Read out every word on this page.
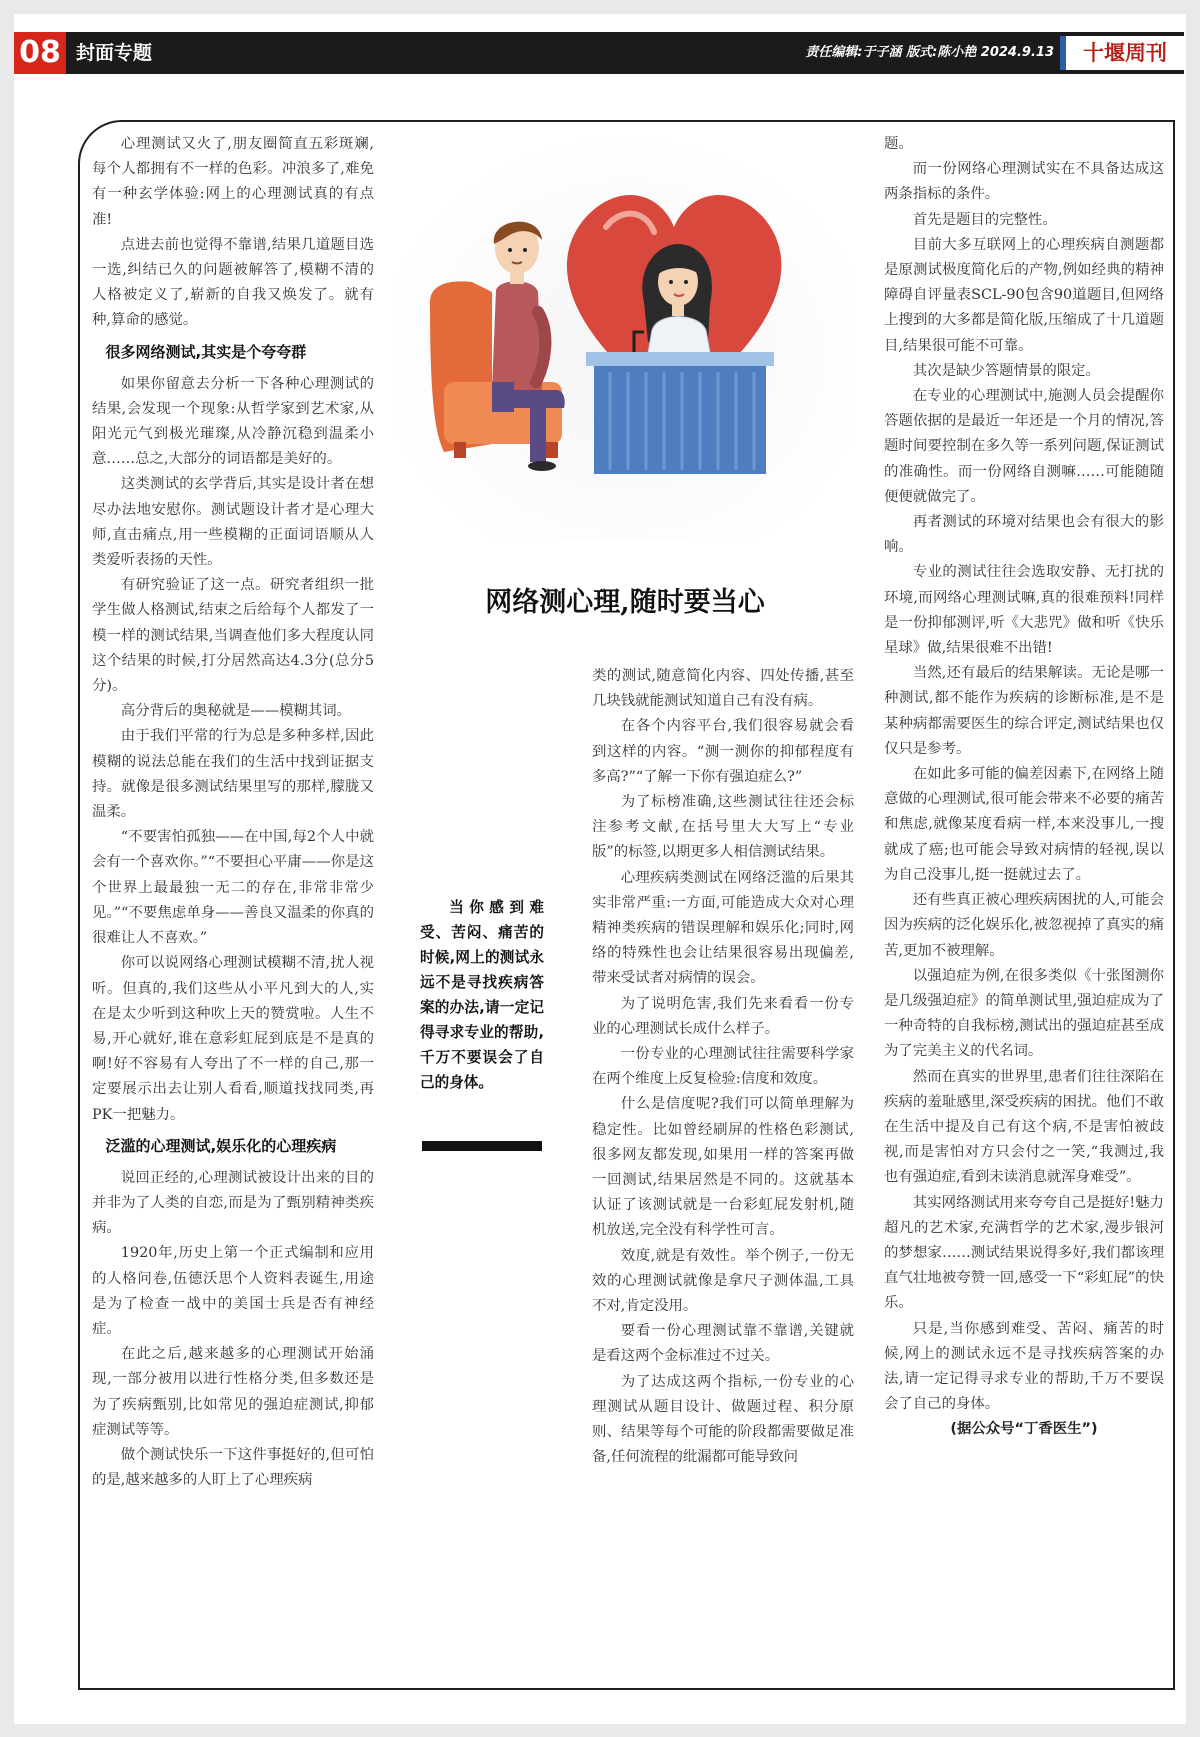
08 封面专题	责任编辑:于子涵 版式:陈小艳 2024.9.13	十堰周刊

心理测试又火了,朋友圈简直五彩斑斓,每个人都拥有不一样的色彩。冲浪多了,难免有一种玄学体验:网上的心理测试真的有点准!

点进去前也觉得不靠谱,结果几道题目选一选,纠结已久的问题被解答了,模糊不清的人格被定义了,崭新的自我又焕发了。就有种,算命的感觉。

很多网络测试,其实是个夸夸群

如果你留意去分析一下各种心理测试的结果,会发现一个现象:从哲学家到艺术家,从阳光元气到极光璀璨,从冷静沉稳到温柔小意……总之,大部分的词语都是美好的。

这类测试的玄学背后,其实是设计者在想尽办法地安慰你。测试题设计者才是心理大师,直击痛点,用一些模糊的正面词语顺从人类爱听表扬的天性。

有研究验证了这一点。研究者组织一批学生做人格测试,结束之后给每个人都发了一模一样的测试结果,当调查他们多大程度认同这个结果的时候,打分居然高达4.3分(总分5分)。

高分背后的奥秘就是——模糊其词。

由于我们平常的行为总是多种多样,因此模糊的说法总能在我们的生活中找到证据支持。就像是很多测试结果里写的那样,朦胧又温柔。

“不要害怕孤独——在中国,每2个人中就会有一个喜欢你。”“不要担心平庸——你是这个世界上最最独一无二的存在,非常非常少见。”“不要焦虑单身——善良又温柔的你真的很难让人不喜欢。”

你可以说网络心理测试模糊不清,扰人视听。但真的,我们这些从小平凡到大的人,实在是太少听到这种吹上天的赞赏啦。人生不易,开心就好,谁在意彩虹屁到底是不是真的啊!好不容易有人夸出了不一样的自己,那一定要展示出去让别人看看,顺道找找同类,再PK一把魅力。

泛滥的心理测试,娱乐化的心理疾病

说回正经的,心理测试被设计出来的目的并非为了人类的自恋,而是为了甄别精神类疾病。

1920年,历史上第一个正式编制和应用的人格问卷,伍德沃思个人资料表诞生,用途是为了检查一战中的美国士兵是否有神经症。

在此之后,越来越多的心理测试开始涌现,一部分被用以进行性格分类,但多数还是为了疾病甄别,比如常见的强迫症测试,抑郁症测试等等。

做个测试快乐一下这件事挺好的,但可怕的是,越来越多的人盯上了心理疾病

网络测心理,随时要当心

当你感到难受、苦闷、痛苦的时候,网上的测试永远不是寻找疾病答案的办法,请一定记得寻求专业的帮助,千万不要误会了自己的身体。

类的测试,随意简化内容、四处传播,甚至几块钱就能测试知道自己有没有病。

在各个内容平台,我们很容易就会看到这样的内容。“测一测你的抑郁程度有多高?”“了解一下你有强迫症么?”

为了标榜准确,这些测试往往还会标注参考文献,在括号里大大写上“专业版”的标签,以期更多人相信测试结果。

心理疾病类测试在网络泛滥的后果其实非常严重:一方面,可能造成大众对心理精神类疾病的错误理解和娱乐化;同时,网络的特殊性也会让结果很容易出现偏差,带来受试者对病情的误会。

为了说明危害,我们先来看看一份专业的心理测试长成什么样子。

一份专业的心理测试往往需要科学家在两个维度上反复检验:信度和效度。

什么是信度呢?我们可以简单理解为稳定性。比如曾经刷屏的性格色彩测试,很多网友都发现,如果用一样的答案再做一回测试,结果居然是不同的。这就基本认证了该测试就是一台彩虹屁发射机,随机放送,完全没有科学性可言。

效度,就是有效性。举个例子,一份无效的心理测试就像是拿尺子测体温,工具不对,肯定没用。

要看一份心理测试靠不靠谱,关键就是看这两个金标准过不过关。

为了达成这两个指标,一份专业的心理测试从题目设计、做题过程、积分原则、结果等每个可能的阶段都需要做足准备,任何流程的纰漏都可能导致问

题。

而一份网络心理测试实在不具备达成这两条指标的条件。

首先是题目的完整性。

目前大多互联网上的心理疾病自测题都是原测试极度简化后的产物,例如经典的精神障碍自评量表SCL-90包含90道题目,但网络上搜到的大多都是简化版,压缩成了十几道题目,结果很可能不可靠。

其次是缺少答题情景的限定。

在专业的心理测试中,施测人员会提醒你答题依据的是最近一年还是一个月的情况,答题时间要控制在多久等一系列问题,保证测试的准确性。而一份网络自测嘛……可能随随便便就做完了。

再者测试的环境对结果也会有很大的影响。

专业的测试往往会选取安静、无打扰的环境,而网络心理测试嘛,真的很难预料!同样是一份抑郁测评,听《大悲咒》做和听《快乐星球》做,结果很难不出错!

当然,还有最后的结果解读。无论是哪一种测试,都不能作为疾病的诊断标准,是不是某种病都需要医生的综合评定,测试结果也仅仅只是参考。

在如此多可能的偏差因素下,在网络上随意做的心理测试,很可能会带来不必要的痛苦和焦虑,就像某度看病一样,本来没事儿,一搜就成了癌;也可能会导致对病情的轻视,误以为自己没事儿,挺一挺就过去了。

还有些真正被心理疾病困扰的人,可能会因为疾病的泛化娱乐化,被忽视掉了真实的痛苦,更加不被理解。

以强迫症为例,在很多类似《十张图测你是几级强迫症》的简单测试里,强迫症成为了一种奇特的自我标榜,测试出的强迫症甚至成为了完美主义的代名词。

然而在真实的世界里,患者们往往深陷在疾病的羞耻感里,深受疾病的困扰。他们不敢在生活中提及自己有这个病,不是害怕被歧视,而是害怕对方只会付之一笑,“我测过,我也有强迫症,看到未读消息就浑身难受”。

其实网络测试用来夸夸自己是挺好!魅力超凡的艺术家,充满哲学的艺术家,漫步银河的梦想家……测试结果说得多好,我们都该理直气壮地被夸赞一回,感受一下“彩虹屁”的快乐。

只是,当你感到难受、苦闷、痛苦的时候,网上的测试永远不是寻找疾病答案的办法,请一定记得寻求专业的帮助,千万不要误会了自己的身体。

(据公众号“丁香医生”)
